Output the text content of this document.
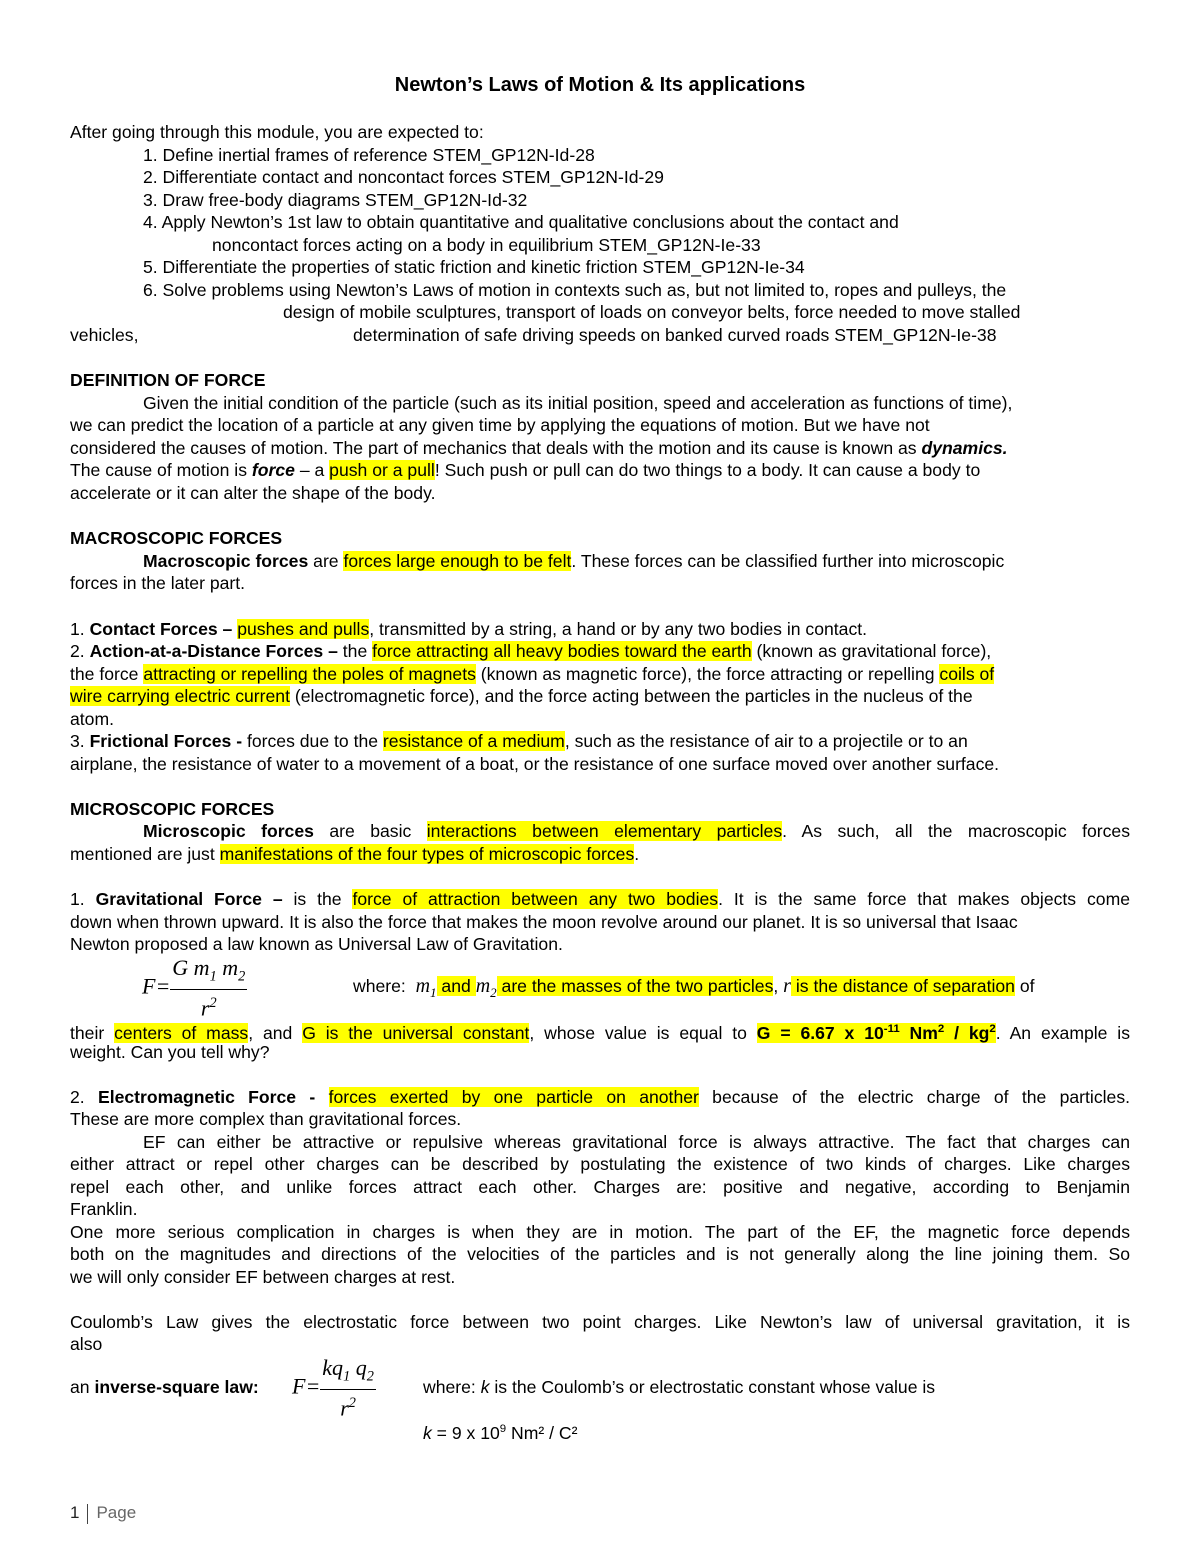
Newton’s Laws of Motion & Its applications
After going through this module, you are expected to:
1. Define inertial frames of reference STEM_GP12N-Id-28
2. Differentiate contact and noncontact forces STEM_GP12N-Id-29
3. Draw free-body diagrams STEM_GP12N-Id-32
4. Apply Newton’s 1st law to obtain quantitative and qualitative conclusions about the contact and
noncontact forces acting on a body in equilibrium STEM_GP12N-Ie-33
5. Differentiate the properties of static friction and kinetic friction STEM_GP12N-Ie-34
6. Solve problems using Newton’s Laws of motion in contexts such as, but not limited to, ropes and pulleys, the
design of mobile sculptures, transport of loads on conveyor belts, force needed to move stalled
vehicles,	determination of safe driving speeds on banked curved roads STEM_GP12N-Ie-38
DEFINITION OF FORCE
Given the initial condition of the particle (such as its initial position, speed and acceleration as functions of time),
we can predict the location of a particle at any given time by applying the equations of motion. But we have not
considered the causes of motion. The part of mechanics that deals with the motion and its cause is known as dynamics.
The cause of motion is force – a push or a pull! Such push or pull can do two things to a body. It can cause a body to
accelerate or it can alter the shape of the body.
MACROSCOPIC FORCES
Macroscopic forces are forces large enough to be felt. These forces can be classified further into microscopic
forces in the later part.
1. Contact Forces – pushes and pulls, transmitted by a string, a hand or by any two bodies in contact.
2. Action-at-a-Distance Forces – the force attracting all heavy bodies toward the earth (known as gravitational force),
the force attracting or repelling the poles of magnets (known as magnetic force), the force attracting or repelling coils of
wire carrying electric current (electromagnetic force), and the force acting between the particles in the nucleus of the
atom.
3. Frictional Forces - forces due to the resistance of a medium, such as the resistance of air to a projectile or to an
airplane, the resistance of water to a movement of a boat, or the resistance of one surface moved over another surface.
MICROSCOPIC FORCES
Microscopic forces are basic interactions between elementary particles. As such, all the macroscopic forces
mentioned are just manifestations of the four types of microscopic forces.
1. Gravitational Force – is the force of attraction between any two bodies. It is the same force that makes objects come
down when thrown upward. It is also the force that makes the moon revolve around our planet. It is so universal that Isaac
Newton proposed a law known as Universal Law of Gravitation.
$F= \frac{G m_1 m_2}{r^2}$	where: $m_1$ and $m_2$ are the masses of the two particles, r is the distance of separation of
their centers of mass, and G is the universal constant, whose value is equal to G = 6.67 x $10^{-11}$ $Nm^2 / kg^2$. An example is
weight. Can you tell why?
2. Electromagnetic Force - forces exerted by one particle on another because of the electric charge of the particles.
These are more complex than gravitational forces.
EF can either be attractive or repulsive whereas gravitational force is always attractive. The fact that charges can
either attract or repel other charges can be described by postulating the existence of two kinds of charges. Like charges
repel each other, and unlike forces attract each other. Charges are: positive and negative, according to Benjamin
Franklin.
One more serious complication in charges is when they are in motion. The part of the EF, the magnetic force depends
both on the magnitudes and directions of the velocities of the particles and is not generally along the line joining them. So
we will only consider EF between charges at rest.
Coulomb’s Law gives the electrostatic force between two point charges. Like Newton’s law of universal gravitation, it is
also
an inverse-square law: $F= \frac{kq_1 q_2}{r^2}$	where: k is the Coulomb’s or electrostatic constant whose value is
k = 9 x $10^9$ Nm² / C²
1 Page
